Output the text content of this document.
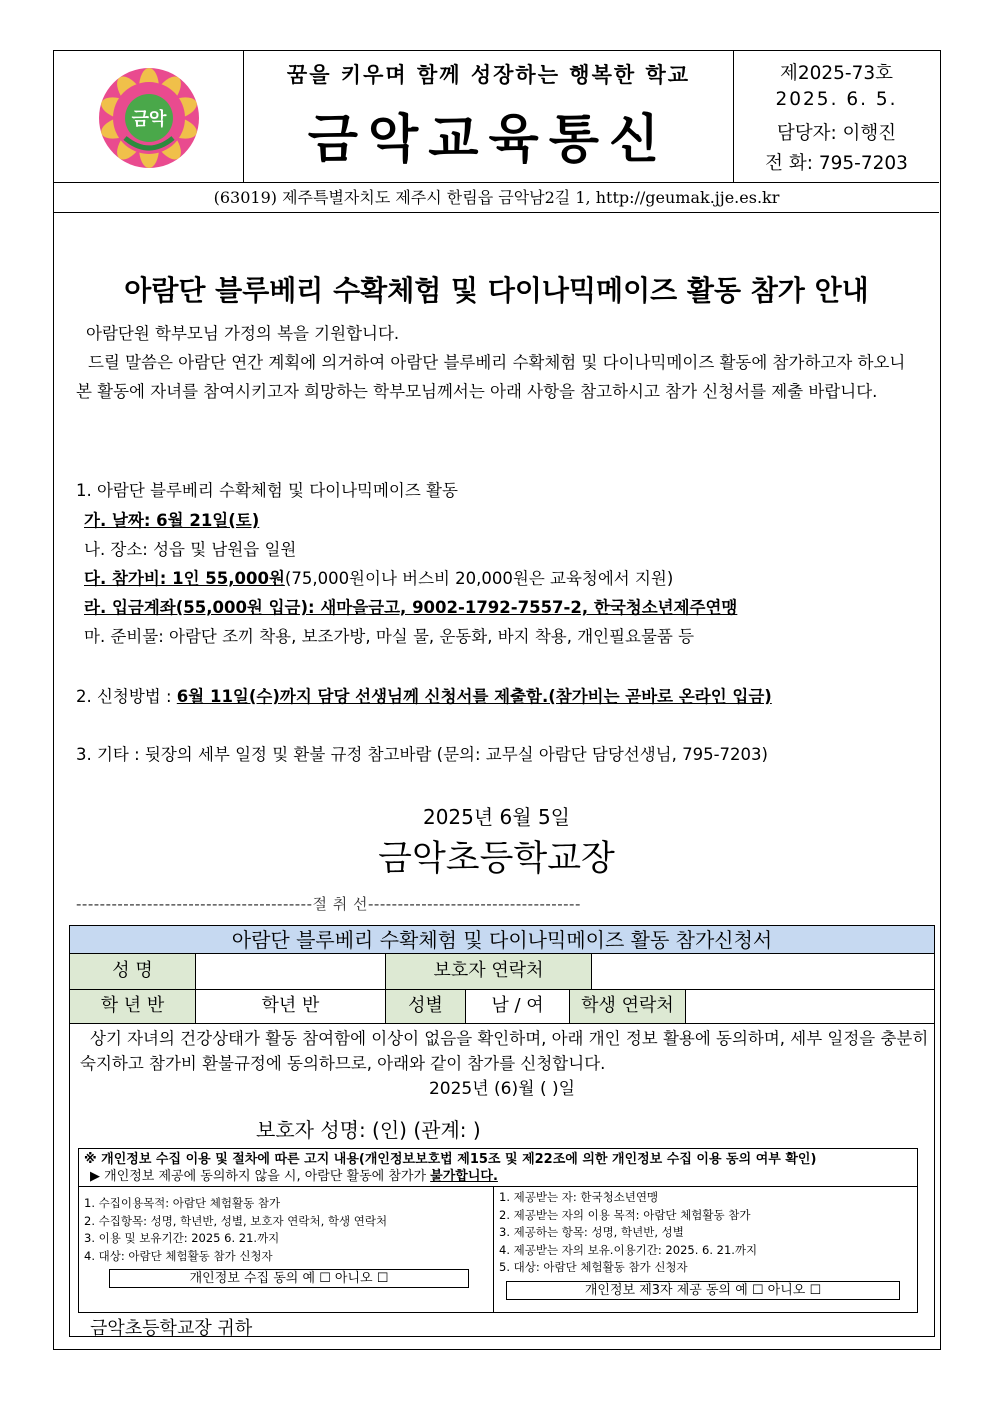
금악
꿈을 키우며 함께 성장하는 행복한 학교
금악교육통신
제2025-73호
2025. 6. 5.
담당자: 이행진
전 화: 795-7203
(63019) 제주특별자치도 제주시 한림읍 금악남2길 1, http://geumak.jje.es.kr
아람단 블루베리 수확체험 및 다이나믹메이즈 활동 참가 안내
아람단원 학부모님 가정의 복을 기원합니다.
드릴 말씀은 아람단 연간 계획에 의거하여 아람단 블루베리 수확체험 및 다이나믹메이즈 활동에 참가하고자 하오니 본 활동에 자녀를 참여시키고자 희망하는 학부모님께서는 아래 사항을 참고하시고 참가 신청서를 제출 바랍니다.
1. 아람단 블루베리 수확체험 및 다이나믹메이즈 활동
가. 날짜: 6월 21일(토)
나. 장소: 성읍 및 남원읍 일원
다. 참가비: 1인 55,000원(75,000원이나 버스비 20,000원은 교육청에서 지원)
라. 입금계좌(55,000원 입금): 새마을금고, 9002-1792-7557-2, 한국청소년제주연맹
마. 준비물: 아람단 조끼 착용, 보조가방, 마실 물, 운동화, 바지 착용, 개인필요물품 등
2. 신청방법 : 6월 11일(수)까지 담당 선생님께 신청서를 제출함.(참가비는 곧바로 온라인 입금)
3. 기타 : 뒷장의 세부 일정 및 환불 규정 참고바람 (문의: 교무실 아람단 담당선생님, 795-7203)
2025년 6월 5일
금악초등학교장
----------------------------------------절 취 선------------------------------------
아람단 블루베리 수확체험 및 다이나믹메이즈 활동 참가신청서
성 명	보호자 연락처
학 년 반	학년 반	성별	남 / 여	학생 연락처
상기 자녀의 건강상태가 활동 참여함에 이상이 없음을 확인하며, 아래 개인 정보 활용에 동의하며, 세부 일정을 충분히 숙지하고 참가비 환불규정에 동의하므로, 아래와 같이 참가를 신청합니다.
2025년 (6)월 ( )일
보호자 성명: (인) (관계: )
※ 개인정보 수집 이용 및 절차에 따른 고지 내용(개인정보보호법 제15조 및 제22조에 의한 개인정보 수집 이용 동의 여부 확인)
▶ 개인정보 제공에 동의하지 않을 시, 아람단 활동에 참가가 불가합니다.
1. 수집이용목적: 아람단 체험활동 참가
2. 수집항목: 성명, 학년반, 성별, 보호자 연락처, 학생 연락처
3. 이용 및 보유기간: 2025 6. 21.까지
4. 대상: 아람단 체험활동 참가 신청자
개인정보 수집 동의 예 ☐ 아니오 ☐
1. 제공받는 자: 한국청소년연맹
2. 제공받는 자의 이용 목적: 아람단 체험활동 참가
3. 제공하는 항목: 성명, 학년반, 성별
4. 제공받는 자의 보유.이용기간: 2025. 6. 21.까지
5. 대상: 아람단 체험활동 참가 신청자
개인정보 제3자 제공 동의 예 ☐ 아니오 ☐
금악초등학교장 귀하
